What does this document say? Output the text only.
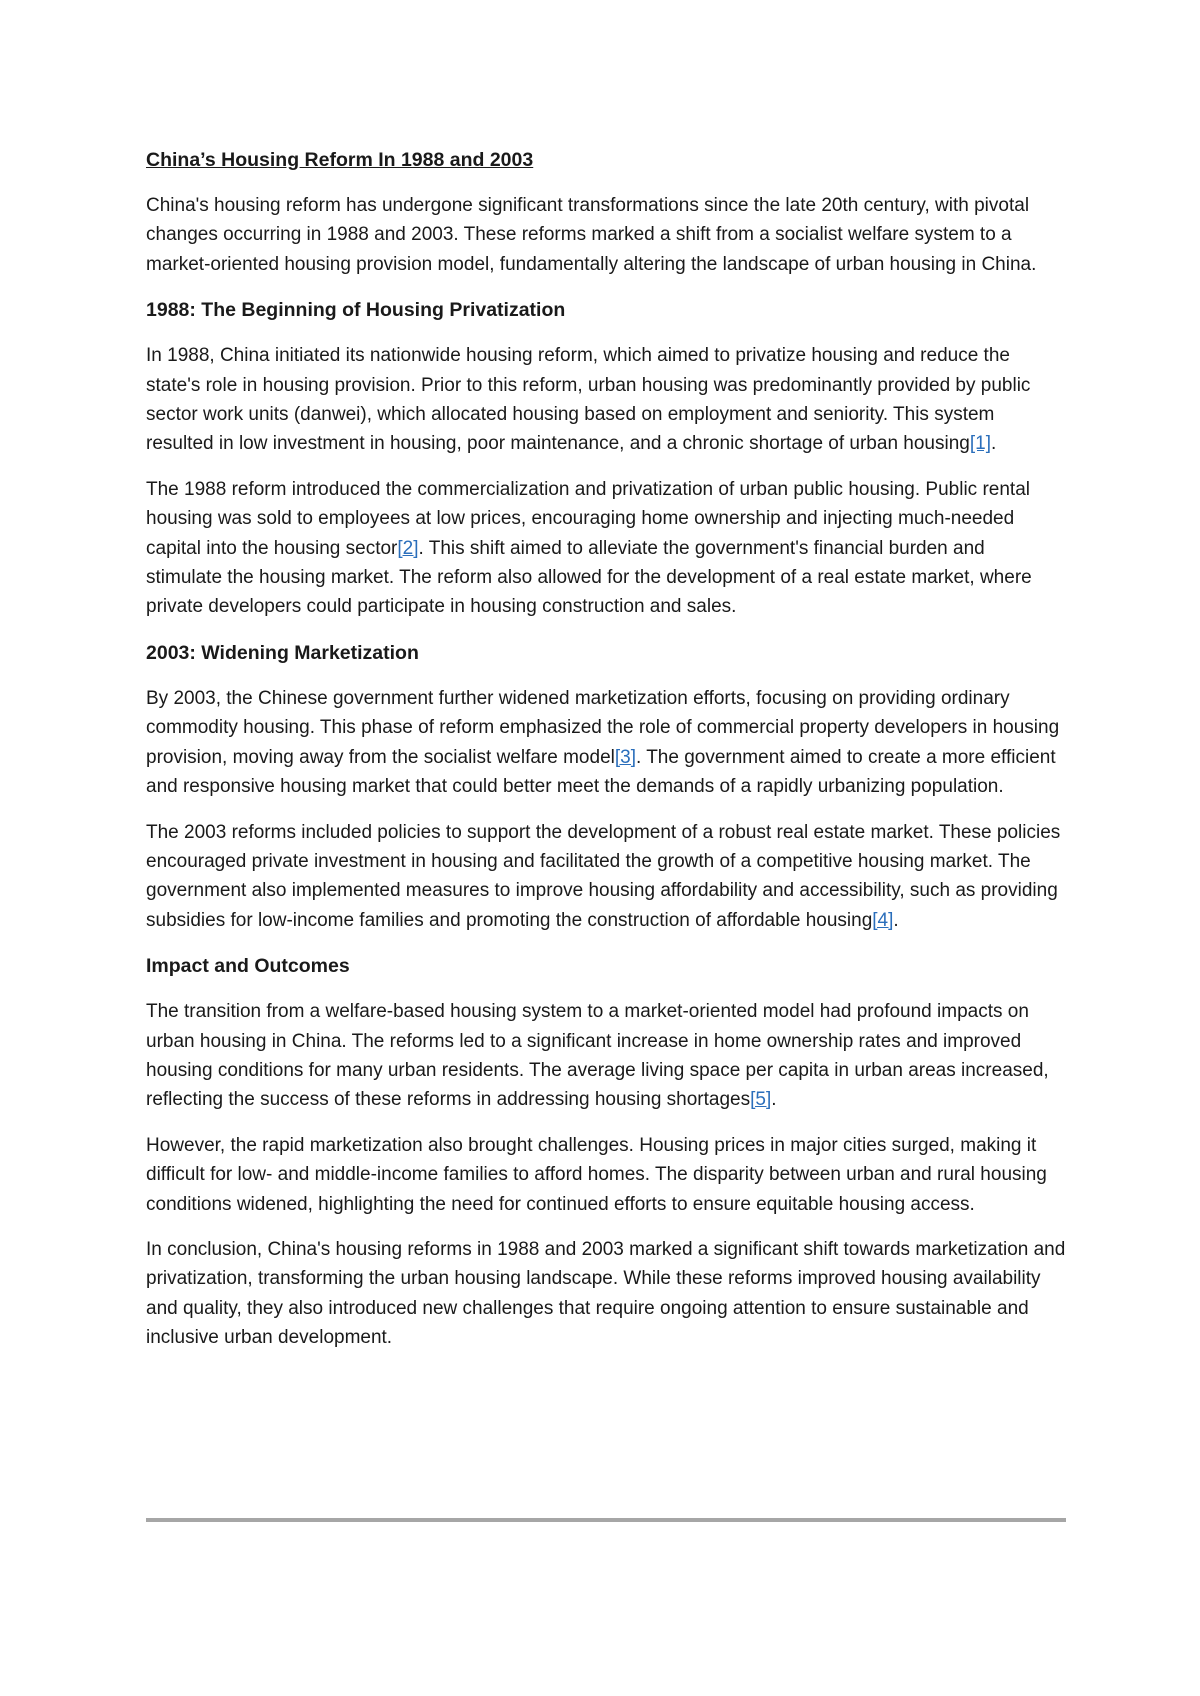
China’s Housing Reform In 1988 and 2003

China's housing reform has undergone significant transformations since the late 20th century, with pivotal changes occurring in 1988 and 2003. These reforms marked a shift from a socialist welfare system to a market-oriented housing provision model, fundamentally altering the landscape of urban housing in China.

1988: The Beginning of Housing Privatization

In 1988, China initiated its nationwide housing reform, which aimed to privatize housing and reduce the state's role in housing provision. Prior to this reform, urban housing was predominantly provided by public sector work units (danwei), which allocated housing based on employment and seniority. This system resulted in low investment in housing, poor maintenance, and a chronic shortage of urban housing[1].

The 1988 reform introduced the commercialization and privatization of urban public housing. Public rental housing was sold to employees at low prices, encouraging home ownership and injecting much-needed capital into the housing sector[2]. This shift aimed to alleviate the government's financial burden and stimulate the housing market. The reform also allowed for the development of a real estate market, where private developers could participate in housing construction and sales.

2003: Widening Marketization

By 2003, the Chinese government further widened marketization efforts, focusing on providing ordinary commodity housing. This phase of reform emphasized the role of commercial property developers in housing provision, moving away from the socialist welfare model[3]. The government aimed to create a more efficient and responsive housing market that could better meet the demands of a rapidly urbanizing population.

The 2003 reforms included policies to support the development of a robust real estate market. These policies encouraged private investment in housing and facilitated the growth of a competitive housing market. The government also implemented measures to improve housing affordability and accessibility, such as providing subsidies for low-income families and promoting the construction of affordable housing[4].

Impact and Outcomes

The transition from a welfare-based housing system to a market-oriented model had profound impacts on urban housing in China. The reforms led to a significant increase in home ownership rates and improved housing conditions for many urban residents. The average living space per capita in urban areas increased, reflecting the success of these reforms in addressing housing shortages[5].

However, the rapid marketization also brought challenges. Housing prices in major cities surged, making it difficult for low- and middle-income families to afford homes. The disparity between urban and rural housing conditions widened, highlighting the need for continued efforts to ensure equitable housing access.

In conclusion, China's housing reforms in 1988 and 2003 marked a significant shift towards marketization and privatization, transforming the urban housing landscape. While these reforms improved housing availability and quality, they also introduced new challenges that require ongoing attention to ensure sustainable and inclusive urban development.
